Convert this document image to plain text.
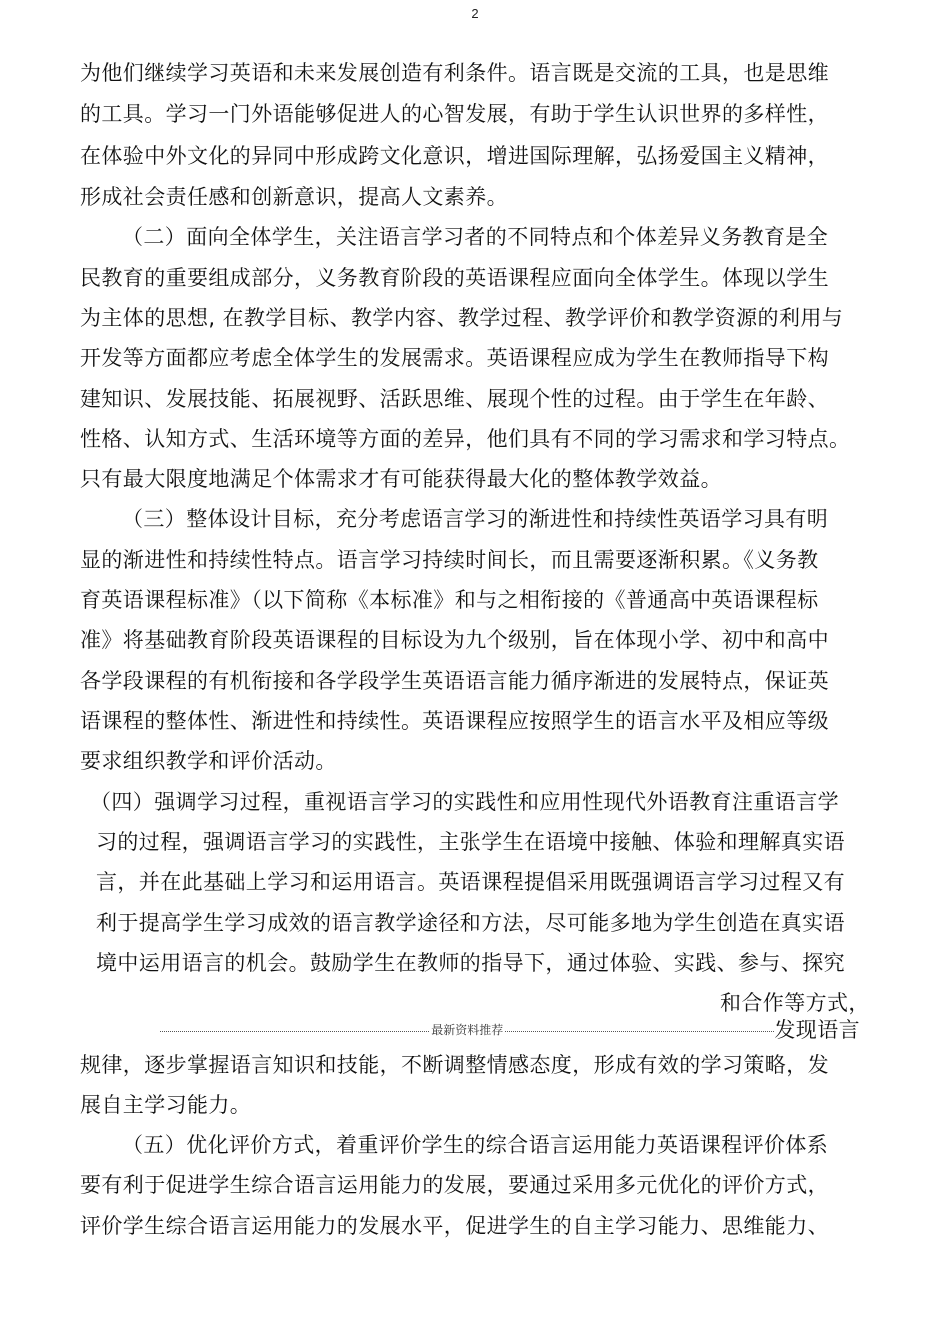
2
为他们继续学习英语和未来发展创造有利条件。语言既是交流的工具，也是思维
的工具。学习一门外语能够促进人的心智发展，有助于学生认识世界的多样性，
在体验中外文化的异同中形成跨文化意识，增进国际理解，弘扬爱国主义精神，
形成社会责任感和创新意识，提高人文素养。
（二）面向全体学生，关注语言学习者的不同特点和个体差异义务教育是全
民教育的重要组成部分，义务教育阶段的英语课程应面向全体学生。体现以学生
为主体的思想, 在教学目标、教学内容、教学过程、教学评价和教学资源的利用与
开发等方面都应考虑全体学生的发展需求。英语课程应成为学生在教师指导下构
建知识、发展技能、拓展视野、活跃思维、展现个性的过程。由于学生在年龄、
性格、认知方式、生活环境等方面的差异，他们具有不同的学习需求和学习特点。
只有最大限度地满足个体需求才有可能获得最大化的整体教学效益。
（三）整体设计目标，充分考虑语言学习的渐进性和持续性英语学习具有明
显的渐进性和持续性特点。语言学习持续时间长，而且需要逐渐积累。《义务教
育英语课程标准》（以下简称《本标准》和与之相衔接的《普通高中英语课程标
准》将基础教育阶段英语课程的目标设为九个级别，旨在体现小学、初中和高中
各学段课程的有机衔接和各学段学生英语语言能力循序渐进的发展特点，保证英
语课程的整体性、渐进性和持续性。英语课程应按照学生的语言水平及相应等级
要求组织教学和评价活动。
（四）强调学习过程，重视语言学习的实践性和应用性现代外语教育注重语言学
习的过程，强调语言学习的实践性，主张学生在语境中接触、体验和理解真实语
言，并在此基础上学习和运用语言。英语课程提倡采用既强调语言学习过程又有
利于提高学生学习成效的语言教学途径和方法，尽可能多地为学生创造在真实语
境中运用语言的机会。鼓励学生在教师的指导下，通过体验、实践、参与、探究
和合作等方式，
最新资料推荐	发现语言
规律，逐步掌握语言知识和技能，不断调整情感态度，形成有效的学习策略，发
展自主学习能力。
（五）优化评价方式，着重评价学生的综合语言运用能力英语课程评价体系
要有利于促进学生综合语言运用能力的发展，要通过采用多元优化的评价方式，
评价学生综合语言运用能力的发展水平，促进学生的自主学习能力、思维能力、
